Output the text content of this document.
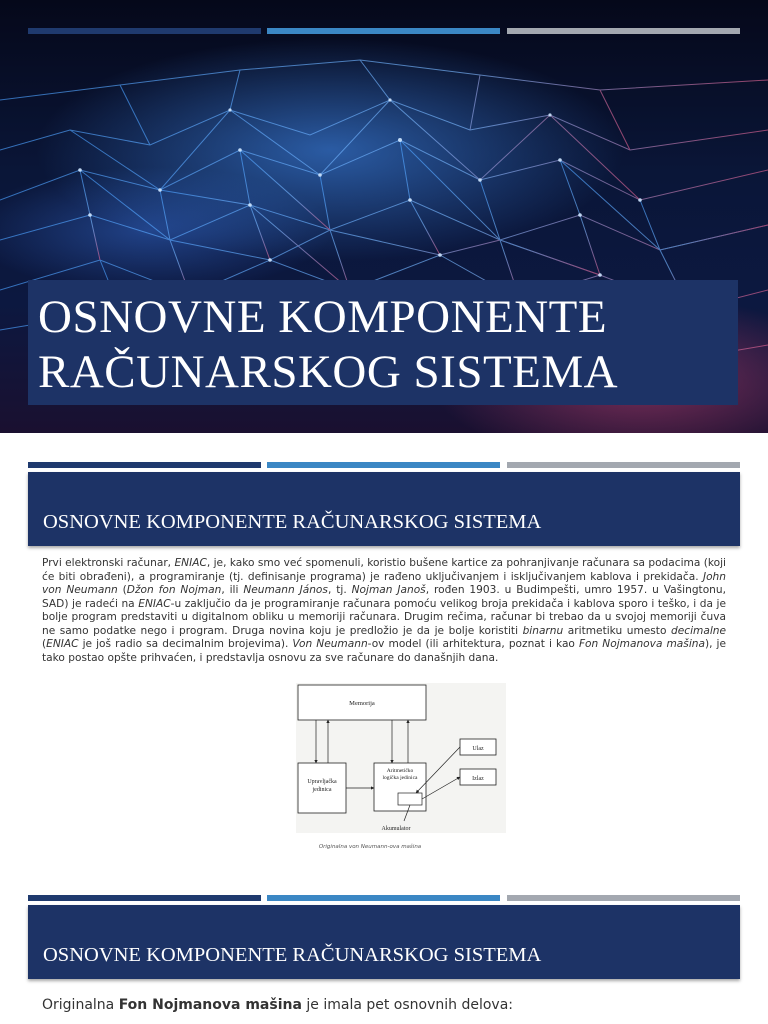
OSNOVNE KOMPONENTE
RAČUNARSKOG SISTEMA
OSNOVNE KOMPONENTE RAČUNARSKOG SISTEMA
Prvi elektronski računar, ENIAC, je, kako smo već spomenuli, koristio bušene kartice za pohranjivanje računara sa podacima (koji će biti obrađeni), a programiranje (tj. definisanje programa) je rađeno uključivanjem i isključivanjem kablova i prekidača. John von Neumann (Džon fon Nojman, ili Neumann János, tj. Nojman Janoš, rođen 1903. u Budimpešti, umro 1957. u Vašingtonu, SAD) je radeći na ENIAC-u zaključio da je programiranje računara pomoću velikog broja prekidača i kablova sporo i teško, i da je bolje program predstaviti u digitalnom obliku u memoriji računara. Drugim rečima, računar bi trebao da u svojoj memoriji čuva ne samo podatke nego i program. Druga novina koju je predložio je da je bolje koristiti binarnu aritmetiku umesto decimalne (ENIAC je još radio sa decimalnim brojevima). Von Neumann-ov model (ili arhitektura, poznat i kao Fon Nojmanova mašina), je tako postao opšte prihvaćen, i predstavlja osnovu za sve računare do današnjih dana.
Memorija
Upravljačka
jedinica
Aritmetičko
logička jedinica
Ulaz
Izlaz
Akumulator
Originalna von Neumann-ova mašina
OSNOVNE KOMPONENTE RAČUNARSKOG SISTEMA
Originalna Fon Nojmanova mašina je imala pet osnovnih delova:
